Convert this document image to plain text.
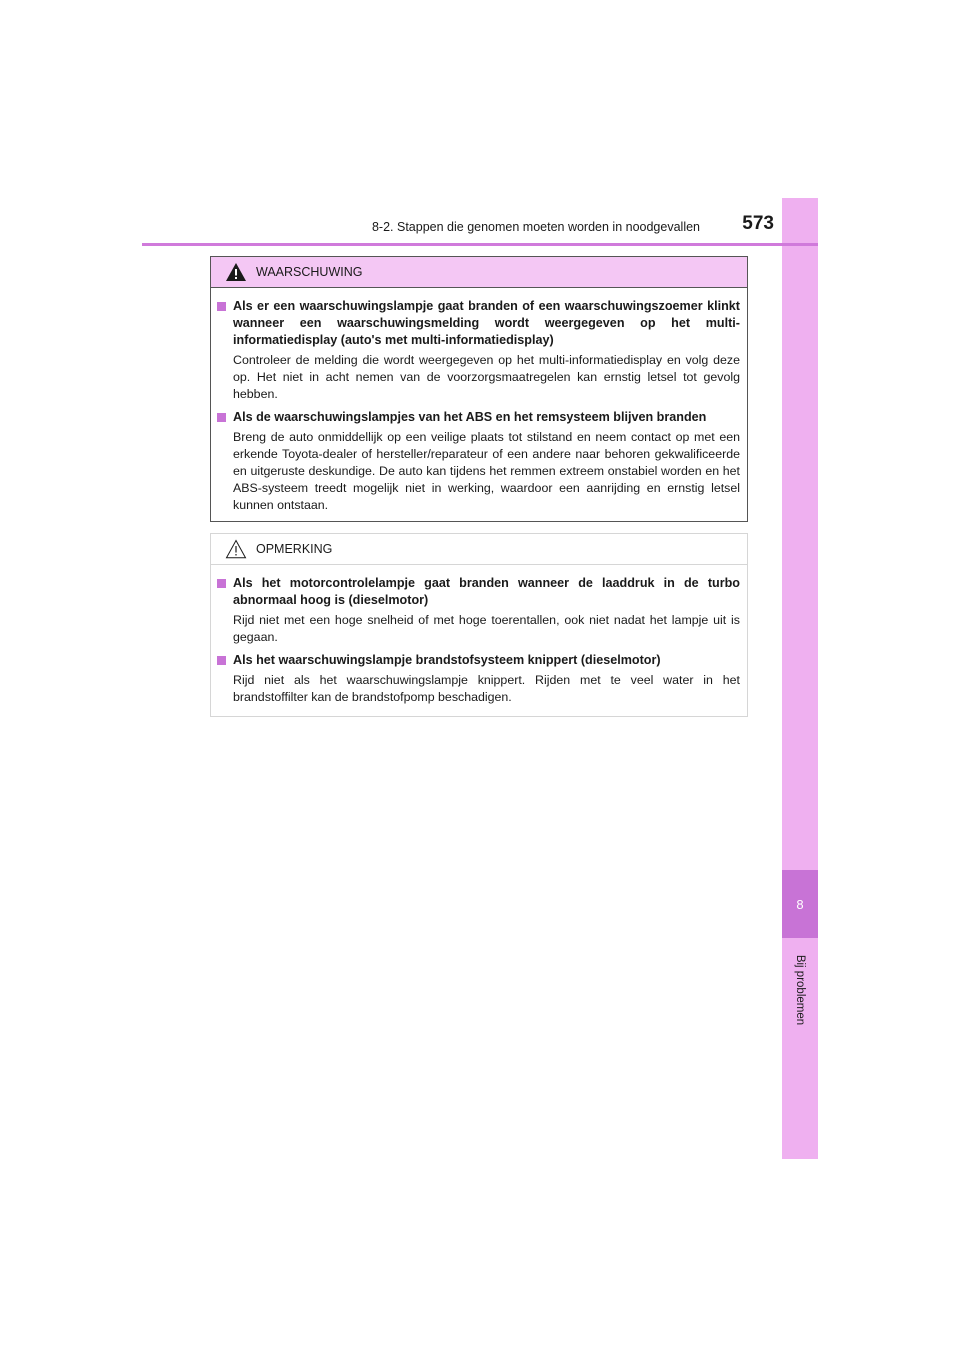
8
Bij problemen
8-2. Stappen die genomen moeten worden in noodgevallen	573
WAARSCHUWING
Als er een waarschuwingslampje gaat branden of een waarschuwingszoemer klinkt wanneer een waarschuwingsmelding wordt weergegeven op het multi-informatiedisplay (auto's met multi-informatiedisplay)
Controleer de melding die wordt weergegeven op het multi-informatiedisplay en volg deze op. Het niet in acht nemen van de voorzorgsmaatregelen kan ernstig letsel tot gevolg hebben.
Als de waarschuwingslampjes van het ABS en het remsysteem blijven branden
Breng de auto onmiddellijk op een veilige plaats tot stilstand en neem contact op met een erkende Toyota-dealer of hersteller/reparateur of een andere naar behoren gekwalificeerde en uitgeruste deskundige. De auto kan tijdens het remmen extreem onstabiel worden en het ABS-systeem treedt mogelijk niet in werking, waardoor een aanrijding en ernstig letsel kunnen ontstaan.
OPMERKING
Als het motorcontrolelampje gaat branden wanneer de laaddruk in de turbo abnormaal hoog is (dieselmotor)
Rijd niet met een hoge snelheid of met hoge toerentallen, ook niet nadat het lampje uit is gegaan.
Als het waarschuwingslampje brandstofsysteem knippert (dieselmotor)
Rijd niet als het waarschuwingslampje knippert. Rijden met te veel water in het brandstoffilter kan de brandstofpomp beschadigen.
